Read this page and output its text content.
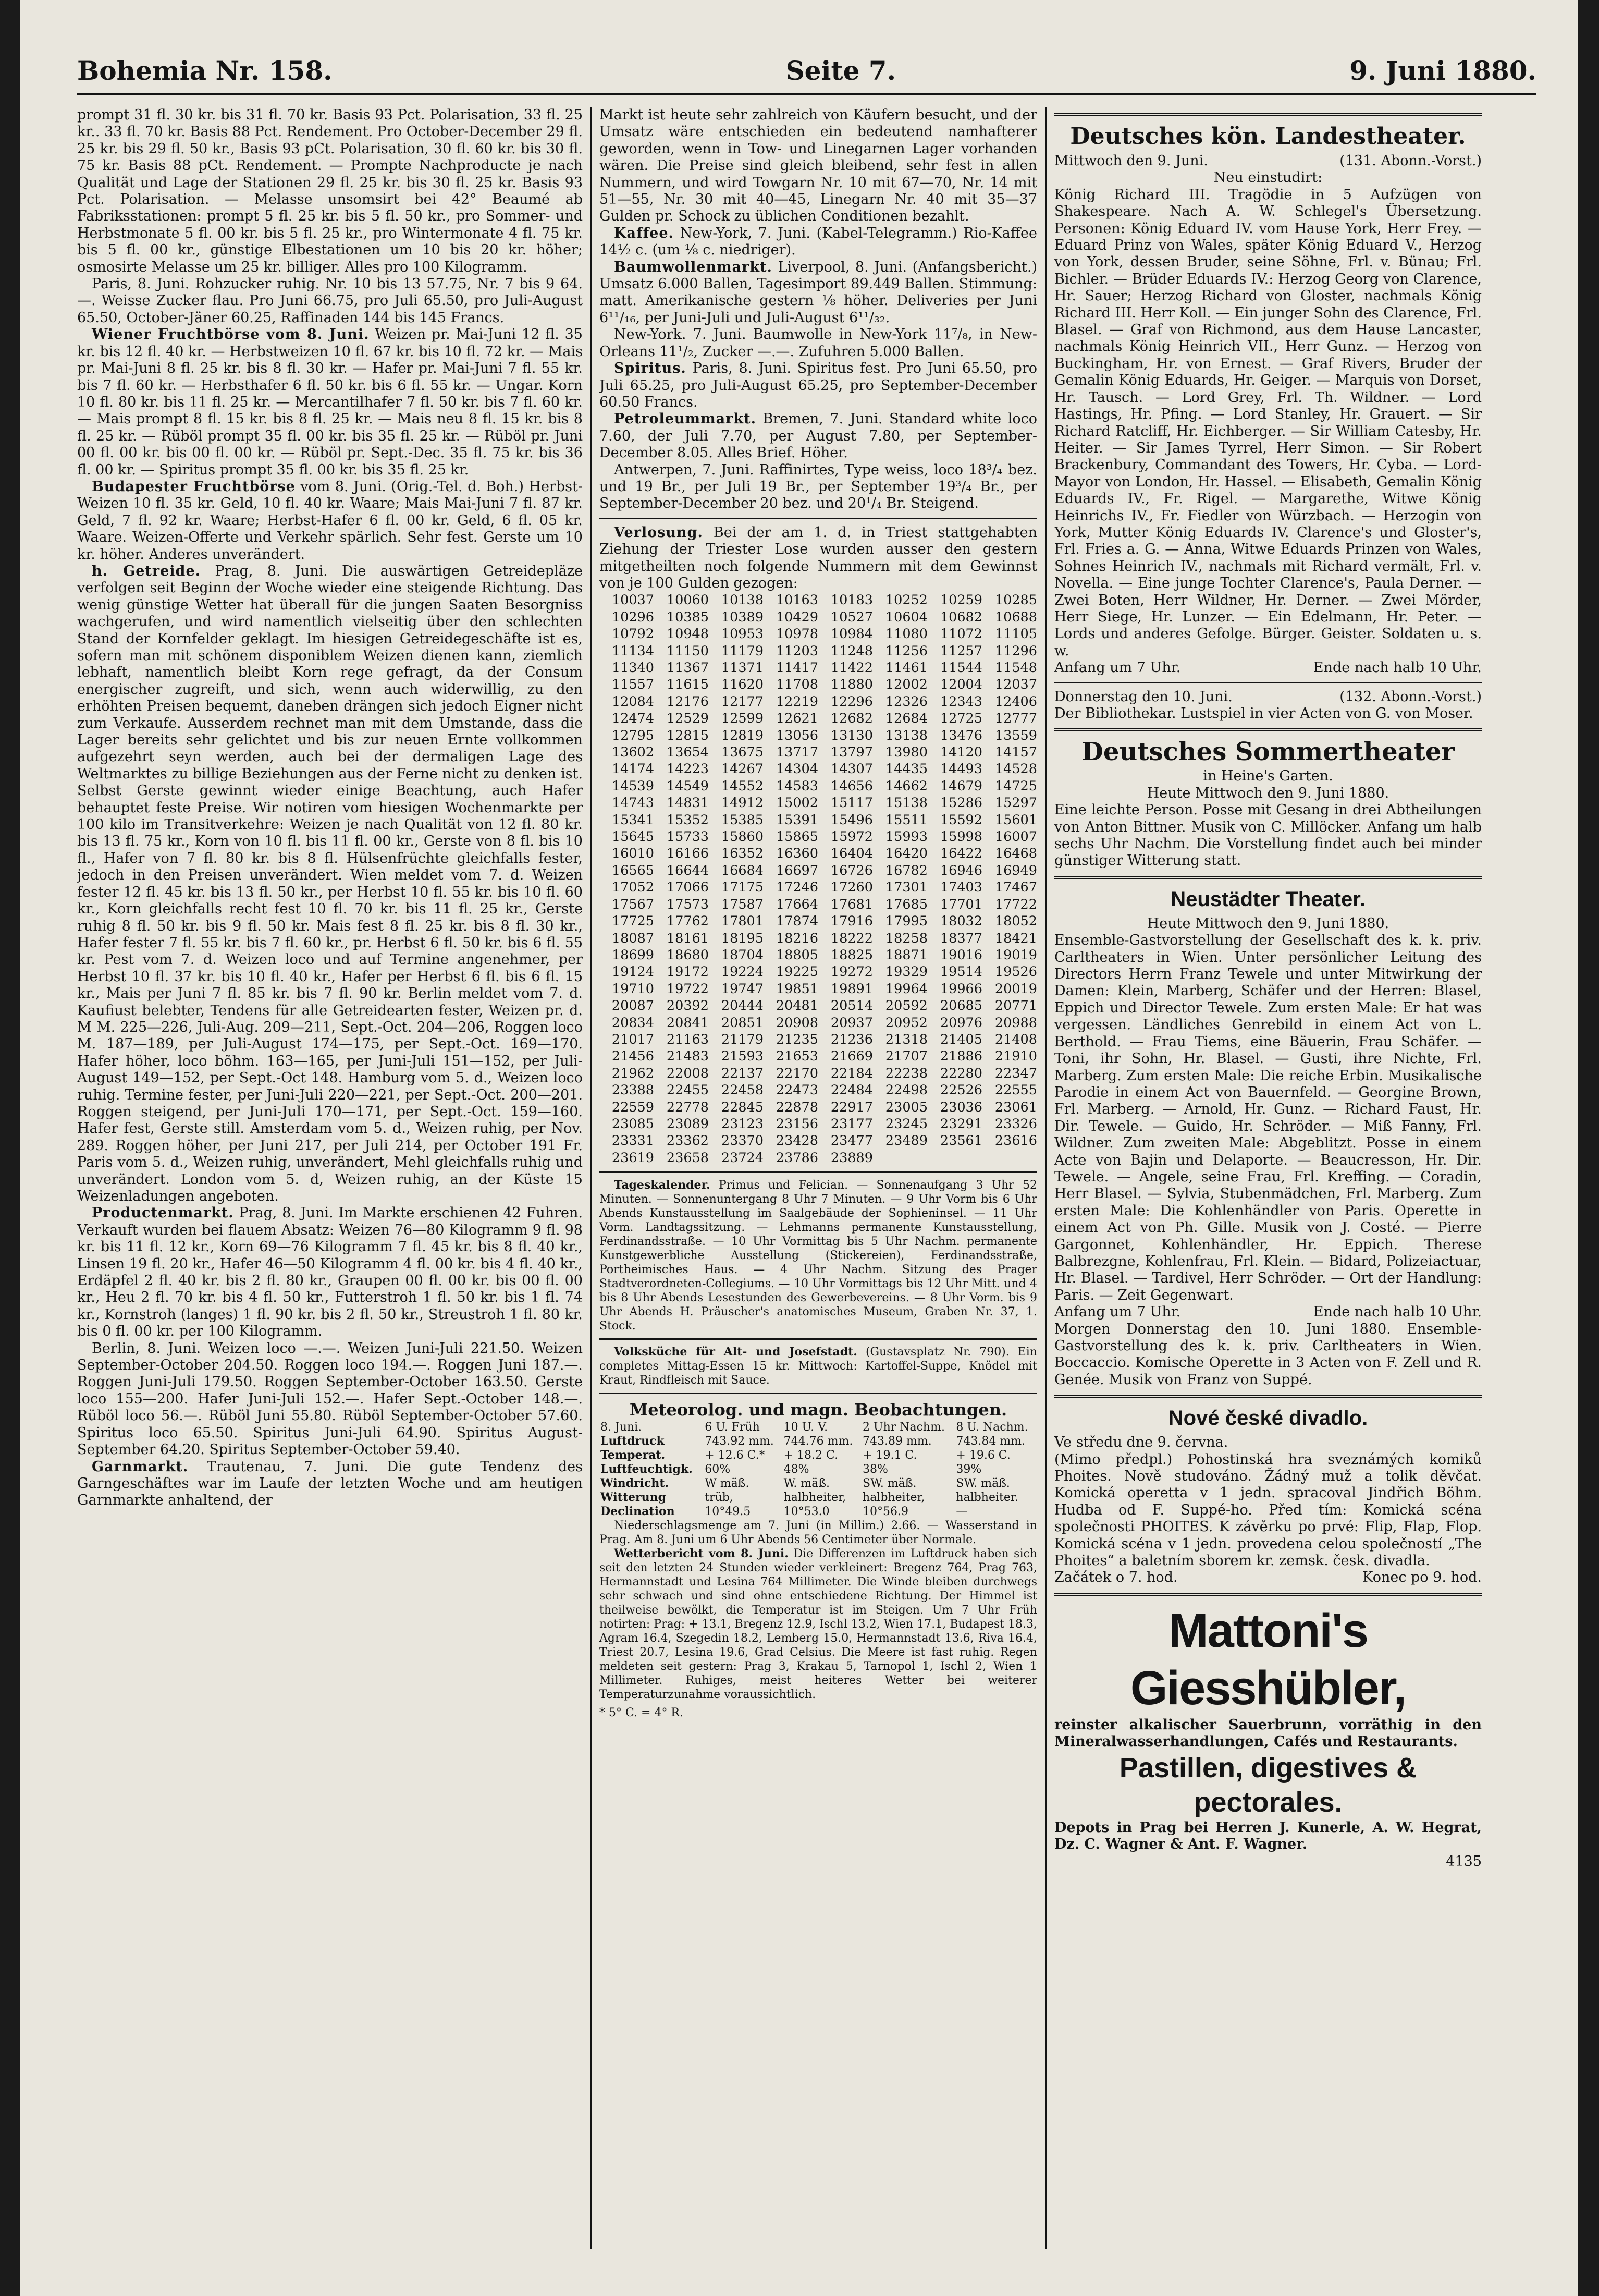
Bohemia Nr. 158.	Seite 7.	9. Juni 1880.

prompt 31 fl. 30 kr. bis 31 fl. 70 kr. Basis 93 Pct. Polarisation, 33 fl. 25 kr.. 33 fl. 70 kr. Basis 88 Pct. Rendement. Pro October-December 29 fl. 25 kr. bis 29 fl. 50 kr., Basis 93 pCt. Polarisation, 30 fl. 60 kr. bis 30 fl. 75 kr. Basis 88 pCt. Rendement. — Prompte Nachproducte je nach Qualität und Lage der Stationen 29 fl. 25 kr. bis 30 fl. 25 kr. Basis 93 Pct. Polarisation. — Melasse unsomsirt bei 42° Beaumé ab Fabriksstationen: prompt 5 fl. 25 kr. bis 5 fl. 50 kr., pro Sommer- und Herbstmonate 5 fl. 00 kr. bis 5 fl. 25 kr., pro Wintermonate 4 fl. 75 kr. bis 5 fl. 00 kr., günstige Elbestationen um 10 bis 20 kr. höher; osmosirte Melasse um 25 kr. billiger. Alles pro 100 Kilogramm.

Paris, 8. Juni. Rohzucker ruhig. Nr. 10 bis 13 57.75, Nr. 7 bis 9 64.—. Weisse Zucker flau. Pro Juni 66.75, pro Juli 65.50, pro Juli-August 65.50, October-Jäner 60.25, Raffinaden 144 bis 145 Francs.

Wiener Fruchtbörse vom 8. Juni. Weizen pr. Mai-Juni 12 fl. 35 kr. bis 12 fl. 40 kr. — Herbstweizen 10 fl. 67 kr. bis 10 fl. 72 kr. — Mais pr. Mai-Juni 8 fl. 25 kr. bis 8 fl. 30 kr. — Hafer pr. Mai-Juni 7 fl. 55 kr. bis 7 fl. 60 kr. — Herbsthafer 6 fl. 50 kr. bis 6 fl. 55 kr. — Ungar. Korn 10 fl. 80 kr. bis 11 fl. 25 kr. — Mercantilhafer 7 fl. 50 kr. bis 7 fl. 60 kr. — Mais prompt 8 fl. 15 kr. bis 8 fl. 25 kr. — Mais neu 8 fl. 15 kr. bis 8 fl. 25 kr. — Rüböl prompt 35 fl. 00 kr. bis 35 fl. 25 kr. — Rüböl pr. Juni 00 fl. 00 kr. bis 00 fl. 00 kr. — Rüböl pr. Sept.-Dec. 35 fl. 75 kr. bis 36 fl. 00 kr. — Spiritus prompt 35 fl. 00 kr. bis 35 fl. 25 kr.

Budapester Fruchtbörse vom 8. Juni. (Orig.-Tel. d. Boh.) Herbst-Weizen 10 fl. 35 kr. Geld, 10 fl. 40 kr. Waare; Mais Mai-Juni 7 fl. 87 kr. Geld, 7 fl. 92 kr. Waare; Herbst-Hafer 6 fl. 00 kr. Geld, 6 fl. 05 kr. Waare. Weizen-Offerte und Verkehr spärlich. Sehr fest. Gerste um 10 kr. höher. Anderes unverändert.

h. Getreide. Prag, 8. Juni. Die auswärtigen Getreidepläze verfolgen seit Beginn der Woche wieder eine steigende Richtung. Das wenig günstige Wetter hat überall für die jungen Saaten Besorgniss wachgerufen, und wird namentlich vielseitig über den schlechten Stand der Kornfelder geklagt. Im hiesigen Getreidegeschäfte ist es, sofern man mit schönem disponiblem Weizen dienen kann, ziemlich lebhaft, namentlich bleibt Korn rege gefragt, da der Consum energischer zugreift, und sich, wenn auch widerwillig, zu den erhöhten Preisen bequemt, daneben drängen sich jedoch Eigner nicht zum Verkaufe. Ausserdem rechnet man mit dem Umstande, dass die Lager bereits sehr gelichtet und bis zur neuen Ernte vollkommen aufgezehrt seyn werden, auch bei der dermaligen Lage des Weltmarktes zu billige Beziehungen aus der Ferne nicht zu denken ist. Selbst Gerste gewinnt wieder einige Beachtung, auch Hafer behauptet feste Preise. Wir notiren vom hiesigen Wochenmarkte per 100 kilo im Transitverkehre: Weizen je nach Qualität von 12 fl. 80 kr. bis 13 fl. 75 kr., Korn von 10 fl. bis 11 fl. 00 kr., Gerste von 8 fl. bis 10 fl., Hafer von 7 fl. 80 kr. bis 8 fl. Hülsenfrüchte gleichfalls fester, jedoch in den Preisen unverändert. Wien meldet vom 7. d. Weizen fester 12 fl. 45 kr. bis 13 fl. 50 kr., per Herbst 10 fl. 55 kr. bis 10 fl. 60 kr., Korn gleichfalls recht fest 10 fl. 70 kr. bis 11 fl. 25 kr., Gerste ruhig 8 fl. 50 kr. bis 9 fl. 50 kr. Mais fest 8 fl. 25 kr. bis 8 fl. 30 kr., Hafer fester 7 fl. 55 kr. bis 7 fl. 60 kr., pr. Herbst 6 fl. 50 kr. bis 6 fl. 55 kr. Pest vom 7. d. Weizen loco und auf Termine angenehmer, per Herbst 10 fl. 37 kr. bis 10 fl. 40 kr., Hafer per Herbst 6 fl. bis 6 fl. 15 kr., Mais per Juni 7 fl. 85 kr. bis 7 fl. 90 kr. Berlin meldet vom 7. d. Kaufiust belebter, Tendens für alle Getreidearten fester, Weizen pr. d. M M. 225—226, Juli-Aug. 209—211, Sept.-Oct. 204—206, Roggen loco M. 187—189, per Juli-August 174—175, per Sept.-Oct. 169—170. Hafer höher, loco bõhm. 163—165, per Juni-Juli 151—152, per Juli-August 149—152, per Sept.-Oct 148. Hamburg vom 5. d., Weizen loco ruhig. Termine fester, per Juni-Juli 220—221, per Sept.-Oct. 200—201. Roggen steigend, per Juni-Juli 170—171, per Sept.-Oct. 159—160. Hafer fest, Gerste still. Amsterdam vom 5. d., Weizen ruhig, per Nov. 289. Roggen höher, per Juni 217, per Juli 214, per October 191 Fr. Paris vom 5. d., Weizen ruhig, unverändert, Mehl gleichfalls ruhig und unverändert. London vom 5. d, Weizen ruhig, an der Küste 15 Weizenladungen angeboten.

Productenmarkt. Prag, 8. Juni. Im Markte erschienen 42 Fuhren. Verkauft wurden bei flauem Absatz: Weizen 76—80 Kilogramm 9 fl. 98 kr. bis 11 fl. 12 kr., Korn 69—76 Kilogramm 7 fl. 45 kr. bis 8 fl. 40 kr., Linsen 19 fl. 20 kr., Hafer 46—50 Kilogramm 4 fl. 00 kr. bis 4 fl. 40 kr., Erdäpfel 2 fl. 40 kr. bis 2 fl. 80 kr., Graupen 00 fl. 00 kr. bis 00 fl. 00 kr., Heu 2 fl. 70 kr. bis 4 fl. 50 kr., Futterstroh 1 fl. 50 kr. bis 1 fl. 74 kr., Kornstroh (langes) 1 fl. 90 kr. bis 2 fl. 50 kr., Streustroh 1 fl. 80 kr. bis 0 fl. 00 kr. per 100 Kilogramm.

Berlin, 8. Juni. Weizen loco —.—. Weizen Juni-Juli 221.50. Weizen September-October 204.50. Roggen loco 194.—. Roggen Juni 187.—. Roggen Juni-Juli 179.50. Roggen September-October 163.50. Gerste loco 155—200. Hafer Juni-Juli 152.—. Hafer Sept.-October 148.—. Rüböl loco 56.—. Rüböl Juni 55.80. Rüböl September-October 57.60. Spiritus loco 65.50. Spiritus Juni-Juli 64.90. Spiritus August-September 64.20. Spiritus September-October 59.40.

Garnmarkt. Trautenau, 7. Juni. Die gute Tendenz des Garngeschäftes war im Laufe der letzten Woche und am heutigen Garnmarkte anhaltend, der

Markt ist heute sehr zahlreich von Käufern besucht, und der Umsatz wäre entschieden ein bedeutend namhafterer geworden, wenn in Tow- und Linegarnen Lager vorhanden wären. Die Preise sind gleich bleibend, sehr fest in allen Nummern, und wird Towgarn Nr. 10 mit 67—70, Nr. 14 mit 51—55, Nr. 30 mit 40—45, Linegarn Nr. 40 mit 35—37 Gulden pr. Schock zu üblichen Conditionen bezahlt.

Kaffee. New-York, 7. Juni. (Kabel-Telegramm.) Rio-Kaffee 14½ c. (um ⅛ c. niedriger).

Baumwollenmarkt. Liverpool, 8. Juni. (Anfangsbericht.) Umsatz 6.000 Ballen, Tagesimport 89.449 Ballen. Stimmung: matt. Amerikanische gestern ⅛ höher. Deliveries per Juni 6¹¹/₁₆, per Juni-Juli und Juli-August 6¹¹/₃₂.

New-York. 7. Juni. Baumwolle in New-York 11⁷/₈, in New-Orleans 11¹/₂, Zucker —.—. Zufuhren 5.000 Ballen.

Spiritus. Paris, 8. Juni. Spiritus fest. Pro Juni 65.50, pro Juli 65.25, pro Juli-August 65.25, pro September-December 60.50 Francs.

Petroleummarkt. Bremen, 7. Juni. Standard white loco 7.60, der Juli 7.70, per August 7.80, per September-December 8.05. Alles Brief. Höher.

Antwerpen, 7. Juni. Raffinirtes, Type weiss, loco 18³/₄ bez. und 19 Br., per Juli 19 Br., per September 19³/₄ Br., per September-December 20 bez. und 20¹/₄ Br. Steigend.

Verlosung. Bei der am 1. d. in Triest stattgehabten Ziehung der Triester Lose wurden ausser den gestern mitgetheilten noch folgende Nummern mit dem Gewinnst von je 100 Gulden gezogen:

10037	10060	10138	10163	10183	10252	10259	10285
10296	10385	10389	10429	10527	10604	10682	10688
10792	10948	10953	10978	10984	11080	11072	11105
11134	11150	11179	11203	11248	11256	11257	11296
11340	11367	11371	11417	11422	11461	11544	11548
11557	11615	11620	11708	11880	12002	12004	12037
12084	12176	12177	12219	12296	12326	12343	12406
12474	12529	12599	12621	12682	12684	12725	12777
12795	12815	12819	13056	13130	13138	13476	13559
13602	13654	13675	13717	13797	13980	14120	14157
14174	14223	14267	14304	14307	14435	14493	14528
14539	14549	14552	14583	14656	14662	14679	14725
14743	14831	14912	15002	15117	15138	15286	15297
15341	15352	15385	15391	15496	15511	15592	15601
15645	15733	15860	15865	15972	15993	15998	16007
16010	16166	16352	16360	16404	16420	16422	16468
16565	16644	16684	16697	16726	16782	16946	16949
17052	17066	17175	17246	17260	17301	17403	17467
17567	17573	17587	17664	17681	17685	17701	17722
17725	17762	17801	17874	17916	17995	18032	18052
18087	18161	18195	18216	18222	18258	18377	18421
18699	18680	18704	18805	18825	18871	19016	19019
19124	19172	19224	19225	19272	19329	19514	19526
19710	19722	19747	19851	19891	19964	19966	20019
20087	20392	20444	20481	20514	20592	20685	20771
20834	20841	20851	20908	20937	20952	20976	20988
21017	21163	21179	21235	21236	21318	21405	21408
21456	21483	21593	21653	21669	21707	21886	21910
21962	22008	22137	22170	22184	22238	22280	22347
23388	22455	22458	22473	22484	22498	22526	22555
22559	22778	22845	22878	22917	23005	23036	23061
23085	23089	23123	23156	23177	23245	23291	23326
23331	23362	23370	23428	23477	23489	23561	23616
23619	23658	23724	23786	23889			

Tageskalender. Primus und Felician. — Sonnenaufgang 3 Uhr 52 Minuten. — Sonnenuntergang 8 Uhr 7 Minuten. — 9 Uhr Vorm bis 6 Uhr Abends Kunstausstellung im Saalgebäude der Sophieninsel. — 11 Uhr Vorm. Landtagssitzung. — Lehmanns permanente Kunstausstellung, Ferdinandsstraße. — 10 Uhr Vormittag bis 5 Uhr Nachm. permanente Kunstgewerbliche Ausstellung (Stickereien), Ferdinandsstraße, Portheimisches Haus. — 4 Uhr Nachm. Sitzung des Prager Stadtverordneten-Collegiums. — 10 Uhr Vormittags bis 12 Uhr Mitt. und 4 bis 8 Uhr Abends Lesestunden des Gewerbevereins. — 8 Uhr Vorm. bis 9 Uhr Abends H. Präuscher's anatomisches Museum, Graben Nr. 37, 1. Stock.

Volksküche für Alt- und Josefstadt. (Gustavsplatz Nr. 790). Ein completes Mittag-Essen 15 kr. Mittwoch: Kartoffel-Suppe, Knödel mit Kraut, Rindfleisch mit Sauce.

Meteorolog. und magn. Beobachtungen.
8. Juni.	6 U. Früh	10 U. V.	2 Uhr Nachm.	8 U. Nachm.
Luftdruck	743.92 mm.	744.76 mm.	743.89 mm.	743.84 mm.
Temperat.	+ 12.6 C.*	+ 18.2 C.	+ 19.1 C.	+ 19.6 C.
Luftfeuchtigk.	60%	48%	38%	39%
Windricht.	W mäß.	W. mäß.	SW. mäß.	SW. mäß.
Witterung	trüb,	halbheiter,	halbheiter,	halbheiter.
Declination	10°49.5	10°53.0	10°56.9	—

Niederschlagsmenge am 7. Juni (in Millim.) 2.66. — Wasserstand in Prag. Am 8. Juni um 6 Uhr Abends 56 Centimeter über Normale.

Wetterbericht vom 8. Juni. Die Differenzen im Luftdruck haben sich seit den letzten 24 Stunden wieder verkleinert: Bregenz 764, Prag 763, Hermannstadt und Lesina 764 Millimeter. Die Winde bleiben durchwegs sehr schwach und sind ohne entschiedene Richtung. Der Himmel ist theilweise bewölkt, die Temperatur ist im Steigen. Um 7 Uhr Früh notirten: Prag: + 13.1, Bregenz 12.9, Ischl 13.2, Wien 17.1, Budapest 18.3, Agram 16.4, Szegedin 18.2, Lemberg 15.0, Hermannstadt 13.6, Riva 16.4, Triest 20.7, Lesina 19.6, Grad Celsius. Die Meere ist fast ruhig. Regen meldeten seit gestern: Prag 3, Krakau 5, Tarnopol 1, Ischl 2, Wien 1 Millimeter. Ruhiges, meist heiteres Wetter bei weiterer Temperaturzunahme voraussichtlich.

* 5° C. = 4° R.
Deutsches kön. Landestheater.
Mittwoch den 9. Juni.	(131. Abonn.-Vorst.)

Neu einstudirt:

König Richard III. Tragödie in 5 Aufzügen von Shakespeare. Nach A. W. Schlegel's Übersetzung. Personen: König Eduard IV. vom Hause York, Herr Frey. — Eduard Prinz von Wales, später König Eduard V., Herzog von York, dessen Bruder, seine Söhne, Frl. v. Bünau; Frl. Bichler. — Brüder Eduards IV.: Herzog Georg von Clarence, Hr. Sauer; Herzog Richard von Gloster, nachmals König Richard III. Herr Koll. — Ein junger Sohn des Clarence, Frl. Blasel. — Graf von Richmond, aus dem Hause Lancaster, nachmals König Heinrich VII., Herr Gunz. — Herzog von Buckingham, Hr. von Ernest. — Graf Rivers, Bruder der Gemalin König Eduards, Hr. Geiger. — Marquis von Dorset, Hr. Tausch. — Lord Grey, Frl. Th. Wildner. — Lord Hastings, Hr. Pfing. — Lord Stanley, Hr. Grauert. — Sir Richard Ratcliff, Hr. Eichberger. — Sir William Catesby, Hr. Heiter. — Sir James Tyrrel, Herr Simon. — Sir Robert Brackenbury, Commandant des Towers, Hr. Cyba. — Lord-Mayor von London, Hr. Hassel. — Elisabeth, Gemalin König Eduards IV., Fr. Rigel. — Margarethe, Witwe König Heinrichs IV., Fr. Fiedler von Würzbach. — Herzogin von York, Mutter König Eduards IV. Clarence's und Gloster's, Frl. Fries a. G. — Anna, Witwe Eduards Prinzen von Wales, Sohnes Heinrich IV., nachmals mit Richard vermält, Frl. v. Novella. — Eine junge Tochter Clarence's, Paula Derner. — Zwei Boten, Herr Wildner, Hr. Derner. — Zwei Mörder, Herr Siege, Hr. Lunzer. — Ein Edelmann, Hr. Peter. — Lords und anderes Gefolge. Bürger. Geister. Soldaten u. s. w.

Anfang um 7 Uhr.	Ende nach halb 10 Uhr.
Donnerstag den 10. Juni.	(132. Abonn.-Vorst.)

Der Bibliothekar. Lustspiel in vier Acten von G. von Moser.

Deutsches Sommertheater

in Heine's Garten.

Heute Mittwoch den 9. Juni 1880.

Eine leichte Person. Posse mit Gesang in drei Abtheilungen von Anton Bittner. Musik von C. Millöcker. Anfang um halb sechs Uhr Nachm. Die Vorstellung findet auch bei minder günstiger Witterung statt.

Neustädter Theater.

Heute Mittwoch den 9. Juni 1880.

Ensemble-Gastvorstellung der Gesellschaft des k. k. priv. Carltheaters in Wien. Unter persönlicher Leitung des Directors Herrn Franz Tewele und unter Mitwirkung der Damen: Klein, Marberg, Schäfer und der Herren: Blasel, Eppich und Director Tewele. Zum ersten Male: Er hat was vergessen. Ländliches Genrebild in einem Act von L. Berthold. — Frau Tiems, eine Bäuerin, Frau Schäfer. — Toni, ihr Sohn, Hr. Blasel. — Gusti, ihre Nichte, Frl. Marberg. Zum ersten Male: Die reiche Erbin. Musikalische Parodie in einem Act von Bauernfeld. — Georgine Brown, Frl. Marberg. — Arnold, Hr. Gunz. — Richard Faust, Hr. Dir. Tewele. — Guido, Hr. Schröder. — Miß Fanny, Frl. Wildner. Zum zweiten Male: Abgeblitzt. Posse in einem Acte von Bajin und Delaporte. — Beaucresson, Hr. Dir. Tewele. — Angele, seine Frau, Frl. Kreffing. — Coradin, Herr Blasel. — Sylvia, Stubenmädchen, Frl. Marberg. Zum ersten Male: Die Kohlenhändler von Paris. Operette in einem Act von Ph. Gille. Musik von J. Costé. — Pierre Gargonnet, Kohlenhändler, Hr. Eppich. Therese Balbrezgne, Kohlenfrau, Frl. Klein. — Bidard, Polizeiactuar, Hr. Blasel. — Tardivel, Herr Schröder. — Ort der Handlung: Paris. — Zeit Gegenwart.

Anfang um 7 Uhr.	Ende nach halb 10 Uhr.

Morgen Donnerstag den 10. Juni 1880. Ensemble-Gastvorstellung des k. k. priv. Carltheaters in Wien. Boccaccio. Komische Operette in 3 Acten von F. Zell und R. Genée. Musik von Franz von Suppé.

Nové české divadlo.

Ve středu dne 9. června.

(Mimo předpl.) Pohostinská hra sveznámých komiků Phoites. Nově studováno. Žádný muž a tolik děvčat. Komická operetta v 1 jedn. spracoval Jindřich Böhm. Hudba od F. Suppé-ho. Před tím: Komická scéna společnosti PHOITES. K závěrku po prvé: Flip, Flap, Flop. Komická scéna v 1 jedn. provedena celou společností „The Phoites“ a baletním sborem kr. zemsk. česk. divadla.

Začátek o 7. hod.	Konec po 9. hod.
Mattoni's Giesshübler,

reinster alkalischer Sauerbrunn, vorräthig in den Mineralwasserhandlungen, Cafés und Restaurants.

Pastillen, digestives & pectorales.

Depots in Prag bei Herren J. Kunerle, A. W. Hegrat, Dz. C. Wagner & Ant. F. Wagner.

4135
